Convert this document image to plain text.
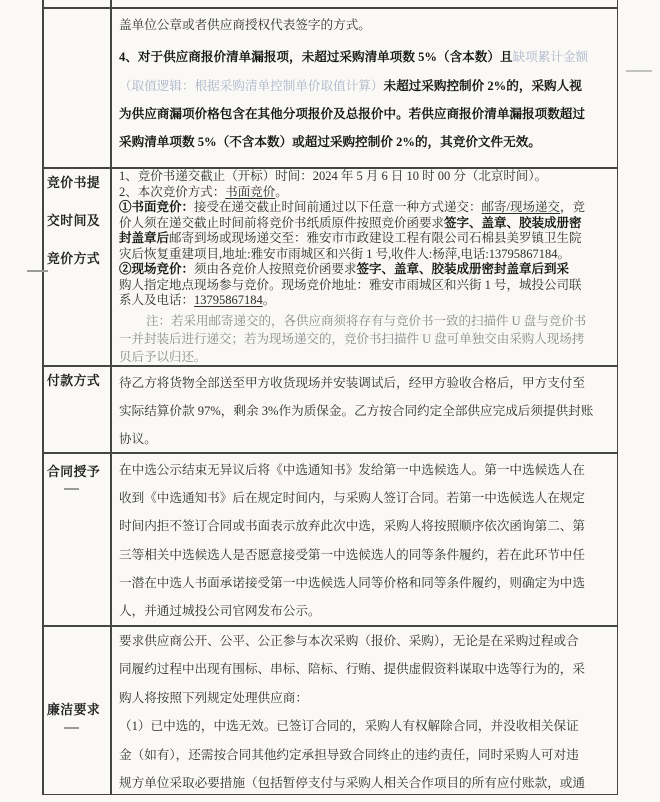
盖单位公章或者供应商授权代表签字的方式。
4、对于供应商报价清单漏报项，未超过采购清单项数 5%（含本数）且缺项累计金额
（取值逻辑：根据采购清单控制单价取值计算）未超过采购控制价 2%的，采购人视
为供应商漏项价格包含在其他分项报价及总报价中。若供应商报价清单漏报项数超过
采购清单项数 5%（不含本数）或超过采购控制价 2%的，其竞价文件无效。
竞价书提交时间及竞价方式
1、竞价书递交截止（开标）时间：2024 年 5 月 6 日 10 时 00 分（北京时间）。
2、本次竞价方式：书面竞价。
①书面竞价：接受在递交截止时间前通过以下任意一种方式递交：邮寄/现场递交，竞
价人须在递交截止时间前将竞价书纸质原件按照竞价函要求签字、盖章、胶装成册密
封盖章后邮寄到场或现场递交至：雅安市市政建设工程有限公司石棉县美罗镇卫生院
灾后恢复重建项目,地址:雅安市雨城区和兴街 1 号,收件人:杨萍,电话:13795867184。
②现场竞价：须由各竞价人按照竞价函要求签字、盖章、胶装成册密封盖章后到采
购人指定地点现场参与竞价。现场竞价地址：雅安市雨城区和兴街 1 号，城投公司联
系人及电话：13795867184。
注：若采用邮寄递交的，各供应商须将存有与竞价书一致的扫描件 U 盘与竞价书
一并封装后进行递交；若为现场递交的，竞价书扫描件 U 盘可单独交由采购人现场拷
贝后予以归还。
付款方式	待乙方将货物全部送至甲方收货现场并安装调试后，经甲方验收合格后，甲方支付至
实际结算价款 97%，剩余 3%作为质保金。乙方按合同约定全部供应完成后须提供封账
协议。
合同授予	在中选公示结束无异议后将《中选通知书》发给第一中选候选人。第一中选候选人在
收到《中选通知书》后在规定时间内，与采购人签订合同。若第一中选候选人在规定
时间内拒不签订合同或书面表示放弃此次中选，采购人将按照顺序依次函询第二、第
三等相关中选候选人是否愿意接受第一中选候选人的同等条件履约，若在此环节中任
一潜在中选人书面承诺接受第一中选候选人同等价格和同等条件履约，则确定为中选
人，并通过城投公司官网发布公示。
廉洁要求
要求供应商公开、公平、公正参与本次采购（报价、采购），无论是在采购过程或合
同履约过程中出现有围标、串标、陪标、行贿、提供虚假资料谋取中选等行为的，采
购人将按照下列规定处理供应商：
（1）已中选的，中选无效。已签订合同的，采购人有权解除合同，并没收相关保证
金（如有），还需按合同其他约定承担导致合同终止的违约责任，同时采购人可对违
规方单位采取必要措施（包括暂停支付与采购人相关合作项目的所有应付账款，或通
